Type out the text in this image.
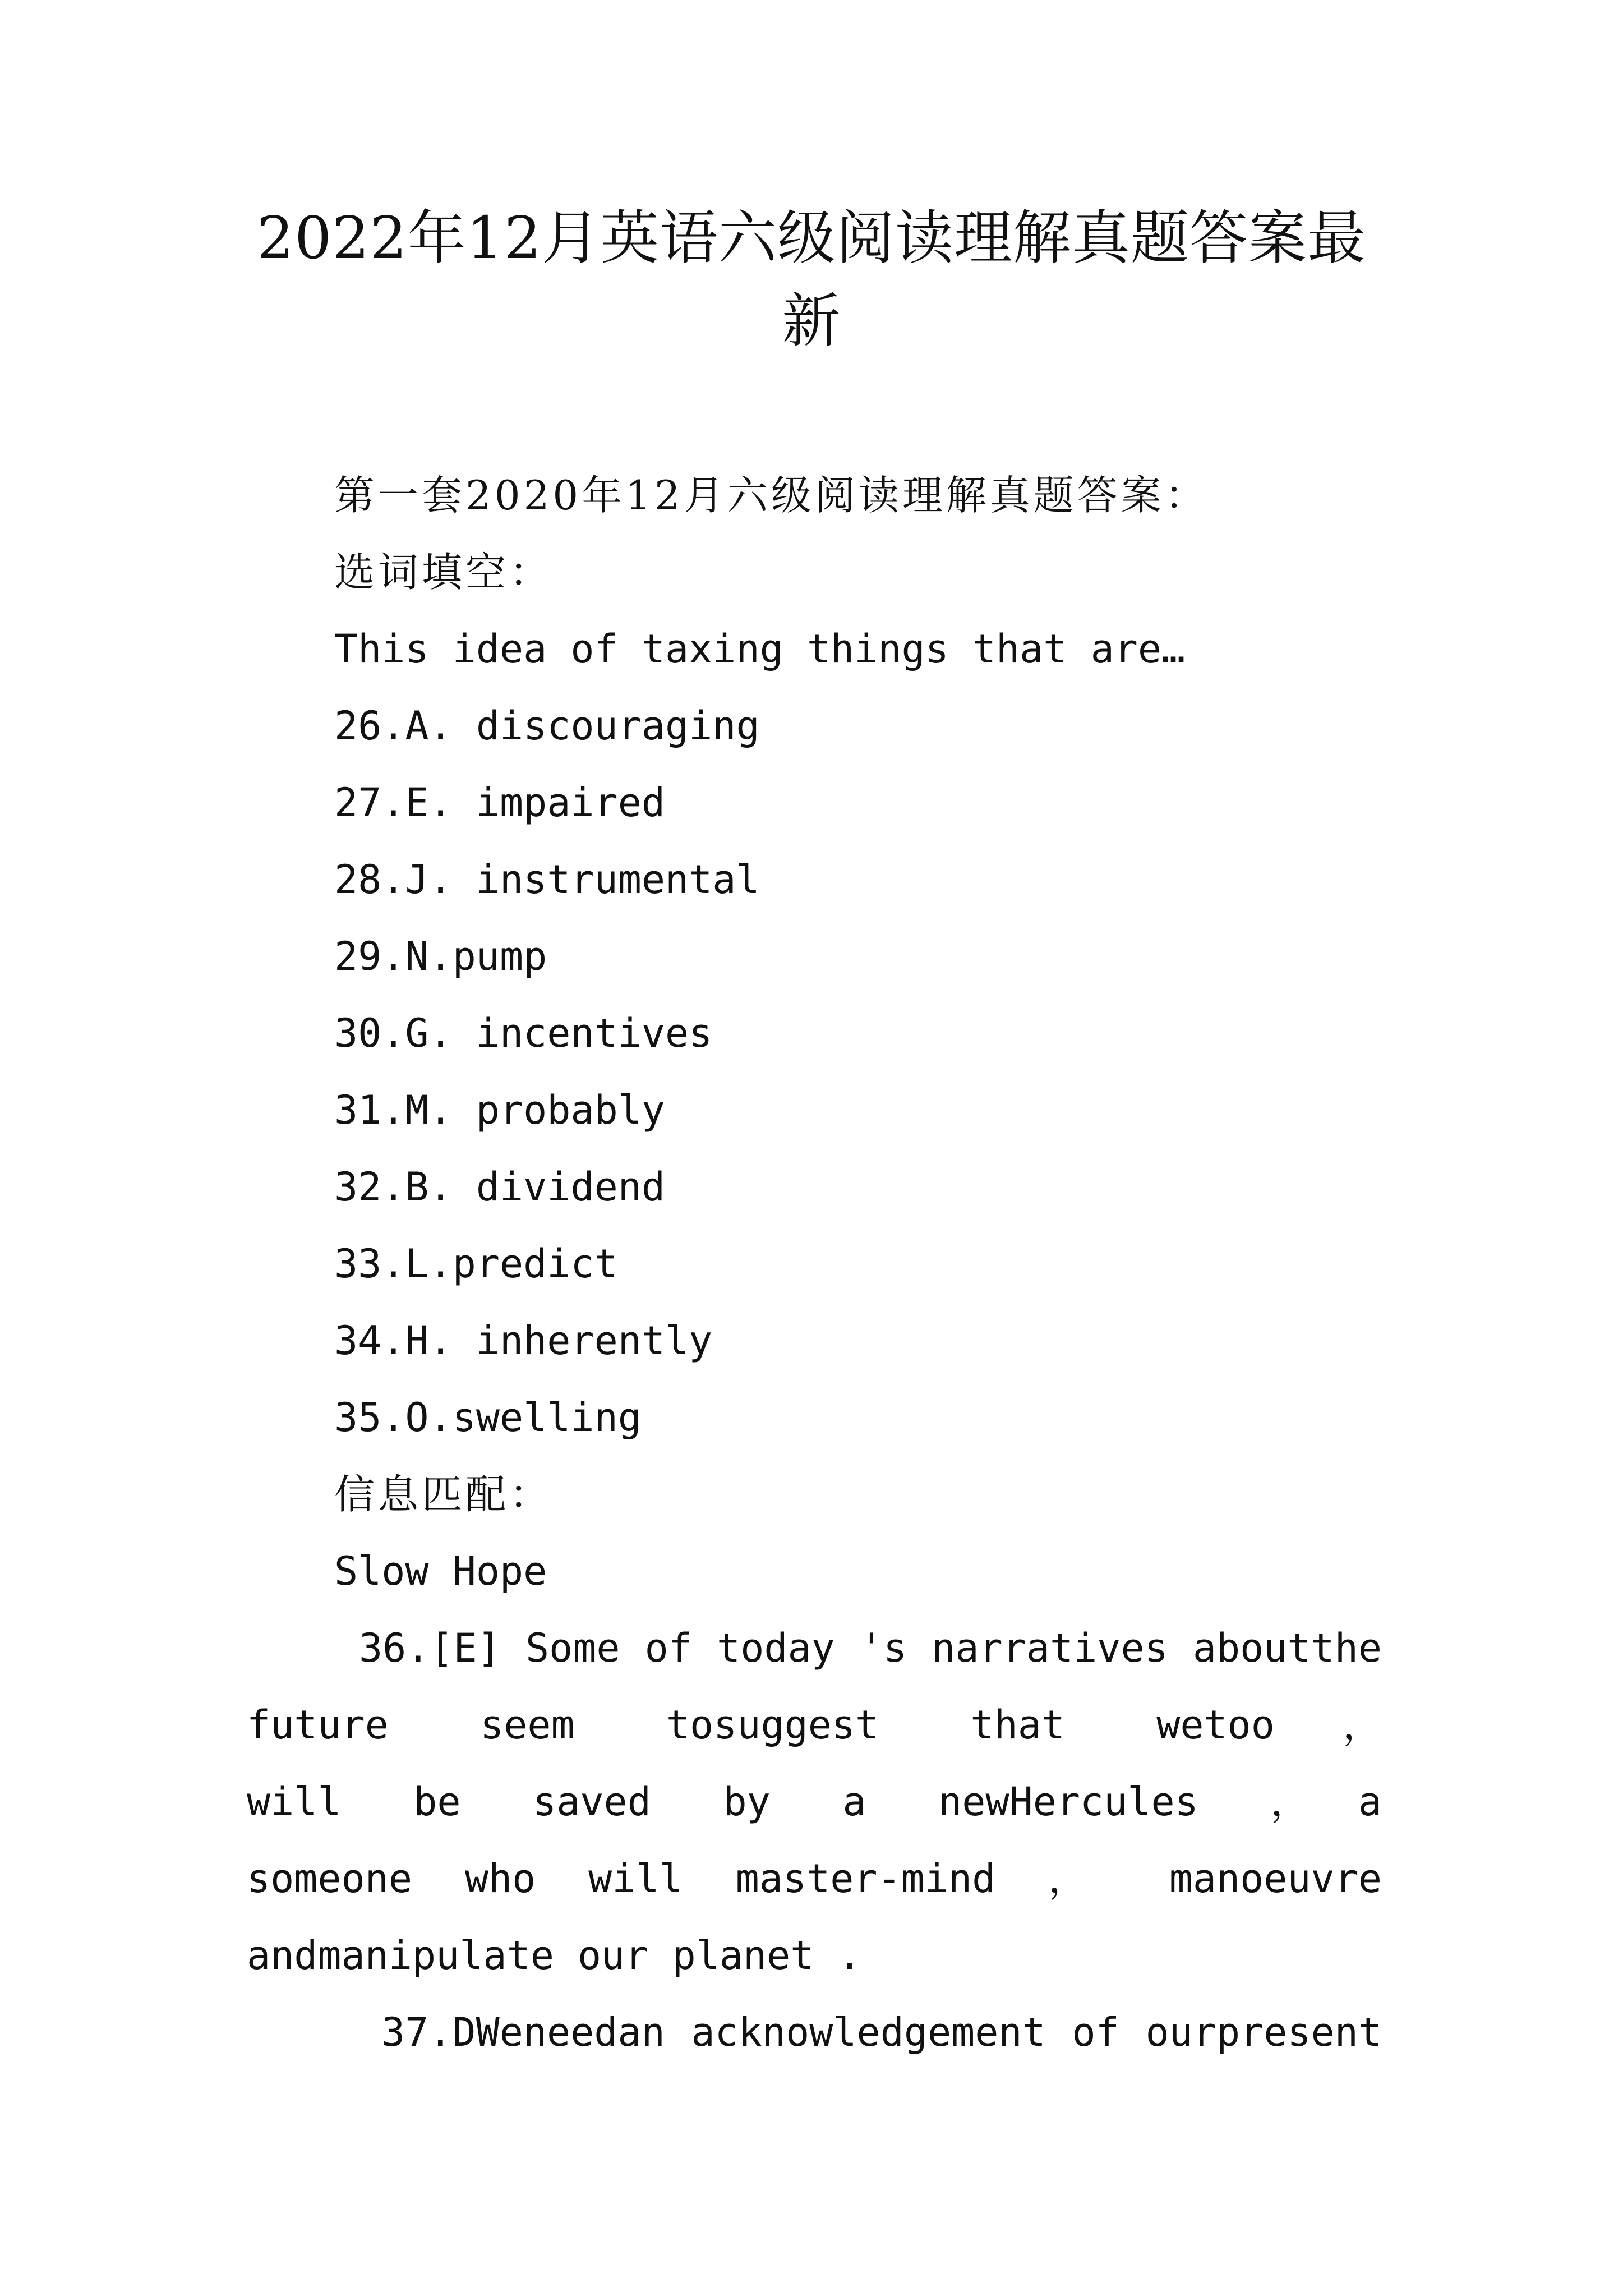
2022年12月英语六级阅读理解真题答案最
新
第一套2020年12月六级阅读理解真题答案：
选词填空：
This idea of taxing things that are…
26.A. discouraging
27.E. impaired
28.J. instrumental
29.N.pump
30.G. incentives
31.M. probably
32.B. dividend
33.L.predict
34.H. inherently
35.O.swelling
信息匹配：
Slow Hope
36.[E] Some of today 's narratives aboutthe
future seem tosuggest that wetoo，
will be saved by a newHercules ，a
someone who will master-mind ， manoeuvre
andmanipulate our planet .
37.DWeneedan acknowledgement of ourpresent
